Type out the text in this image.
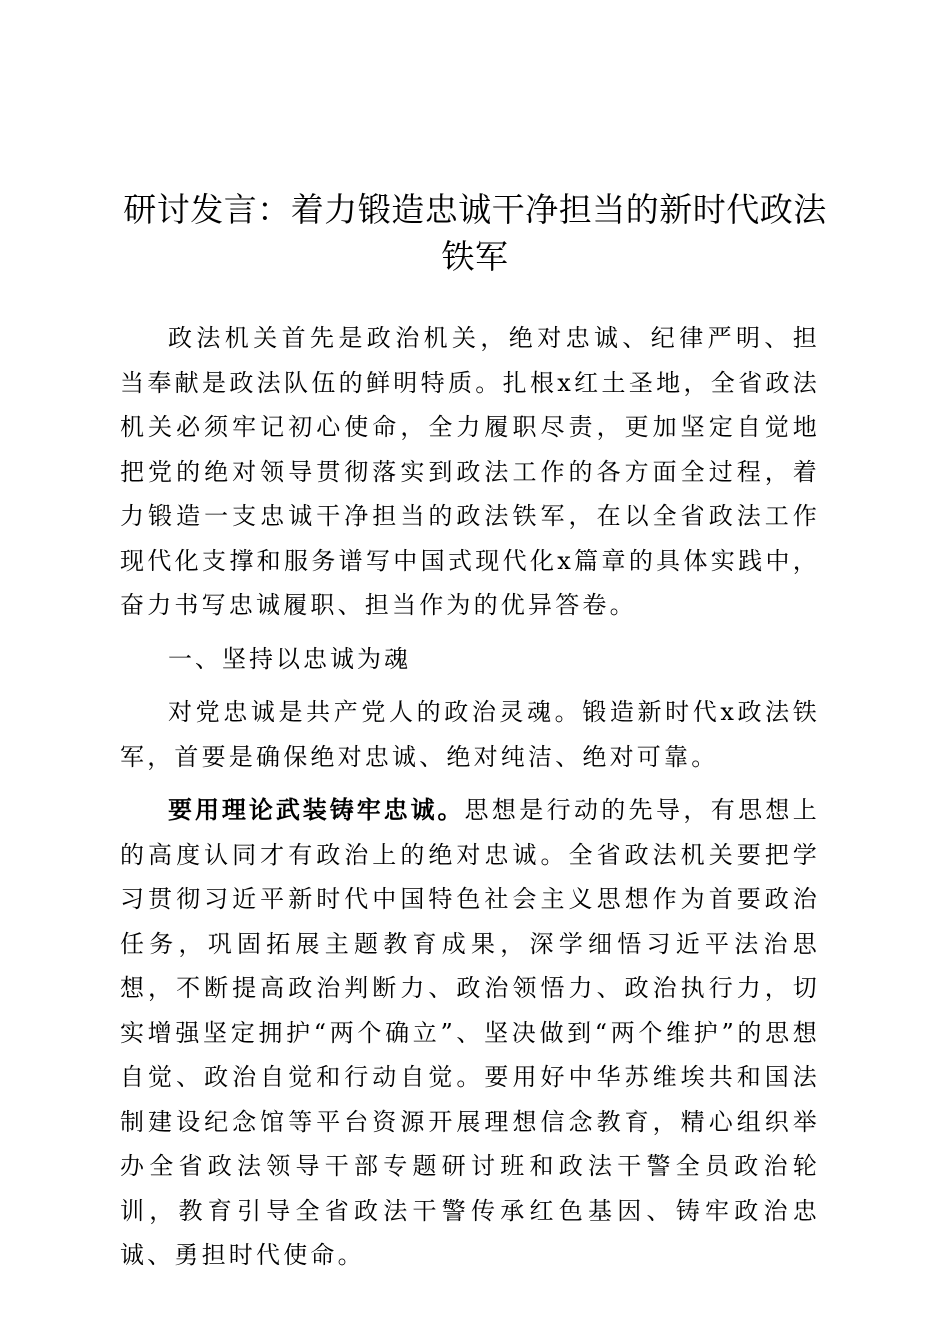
研讨发言：着力锻造忠诚干净担当的新时代政法铁军

政法机关首先是政治机关，绝对忠诚、纪律严明、担当奉献是政法队伍的鲜明特质。扎根x红土圣地，全省政法机关必须牢记初心使命，全力履职尽责，更加坚定自觉地把党的绝对领导贯彻落实到政法工作的各方面全过程，着力锻造一支忠诚干净担当的政法铁军，在以全省政法工作现代化支撑和服务谱写中国式现代化x篇章的具体实践中，奋力书写忠诚履职、担当作为的优异答卷。

一、坚持以忠诚为魂

对党忠诚是共产党人的政治灵魂。锻造新时代x政法铁军，首要是确保绝对忠诚、绝对纯洁、绝对可靠。

要用理论武装铸牢忠诚。思想是行动的先导，有思想上的高度认同才有政治上的绝对忠诚。全省政法机关要把学习贯彻习近平新时代中国特色社会主义思想作为首要政治任务，巩固拓展主题教育成果，深学细悟习近平法治思想，不断提高政治判断力、政治领悟力、政治执行力，切实增强坚定拥护“两个确立”、坚决做到“两个维护”的思想自觉、政治自觉和行动自觉。要用好中华苏维埃共和国法制建设纪念馆等平台资源开展理想信念教育，精心组织举办全省政法领导干部专题研讨班和政法干警全员政治轮训，教育引导全省政法干警传承红色基因、铸牢政治忠诚、勇担时代使命。
